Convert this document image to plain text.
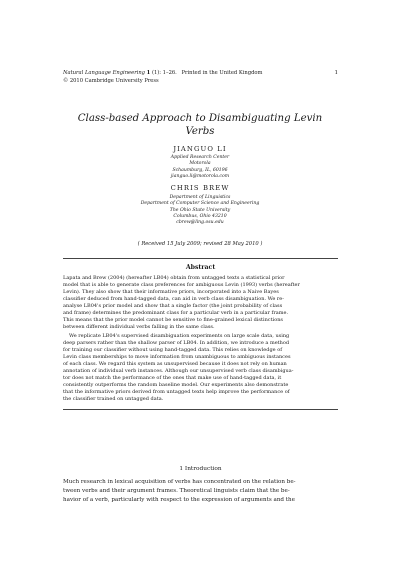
Natural Language Engineering 1 (1): 1–26. Printed in the United Kingdom
© 2010 Cambridge University Press
1
Class-based Approach to Disambiguating Levin
Verbs
JIANGUO LI
Applied Research Center
Motorola
Schaumburg, IL, 60196
jianguo.li@motorola.com
CHRIS BREW
Department of Linguistics
Department of Computer Science and Engineering
The Ohio State University
Columbus, Ohio 43210
cbrew@ling.osu.edu
( Received 15 July 2009; revised 28 May 2010 )
Abstract
Lapata and Brew (2004) (hereafter LB04) obtain from untagged texts a statistical prior
model that is able to generate class preferences for ambiguous Levin (1993) verbs (hereafter
Levin). They also show that their informative priors, incorporated into a Naive Bayes
classifier deduced from hand-tagged data, can aid in verb class disambiguation. We re-
analyse LB04's prior model and show that a single factor (the joint probability of class
and frame) determines the predominant class for a particular verb in a particular frame.
This means that the prior model cannot be sensitive to fine-grained lexical distinctions
between different individual verbs falling in the same class.
We replicate LB04's supervised disambiguation experiments on large scale data, using
deep parsers rather than the shallow parser of LB04. In addition, we introduce a method
for training our classifier without using hand-tagged data. This relies on knowledge of
Levin class memberships to move information from unambiguous to ambiguous instances
of each class. We regard this system as unsupervised because it does not rely on human
annotation of individual verb instances. Although our unsupervised verb class disambigua-
tor does not match the performance of the ones that make use of hand-tagged data, it
consistently outperforms the random baseline model. Our experiments also demonstrate
that the informative priors derived from untagged texts help improve the performance of
the classifier trained on untagged data.
1 Introduction
Much research in lexical acquisition of verbs has concentrated on the relation be-
tween verbs and their argument frames. Theoretical linguists claim that the be-
havior of a verb, particularly with respect to the expression of arguments and the
